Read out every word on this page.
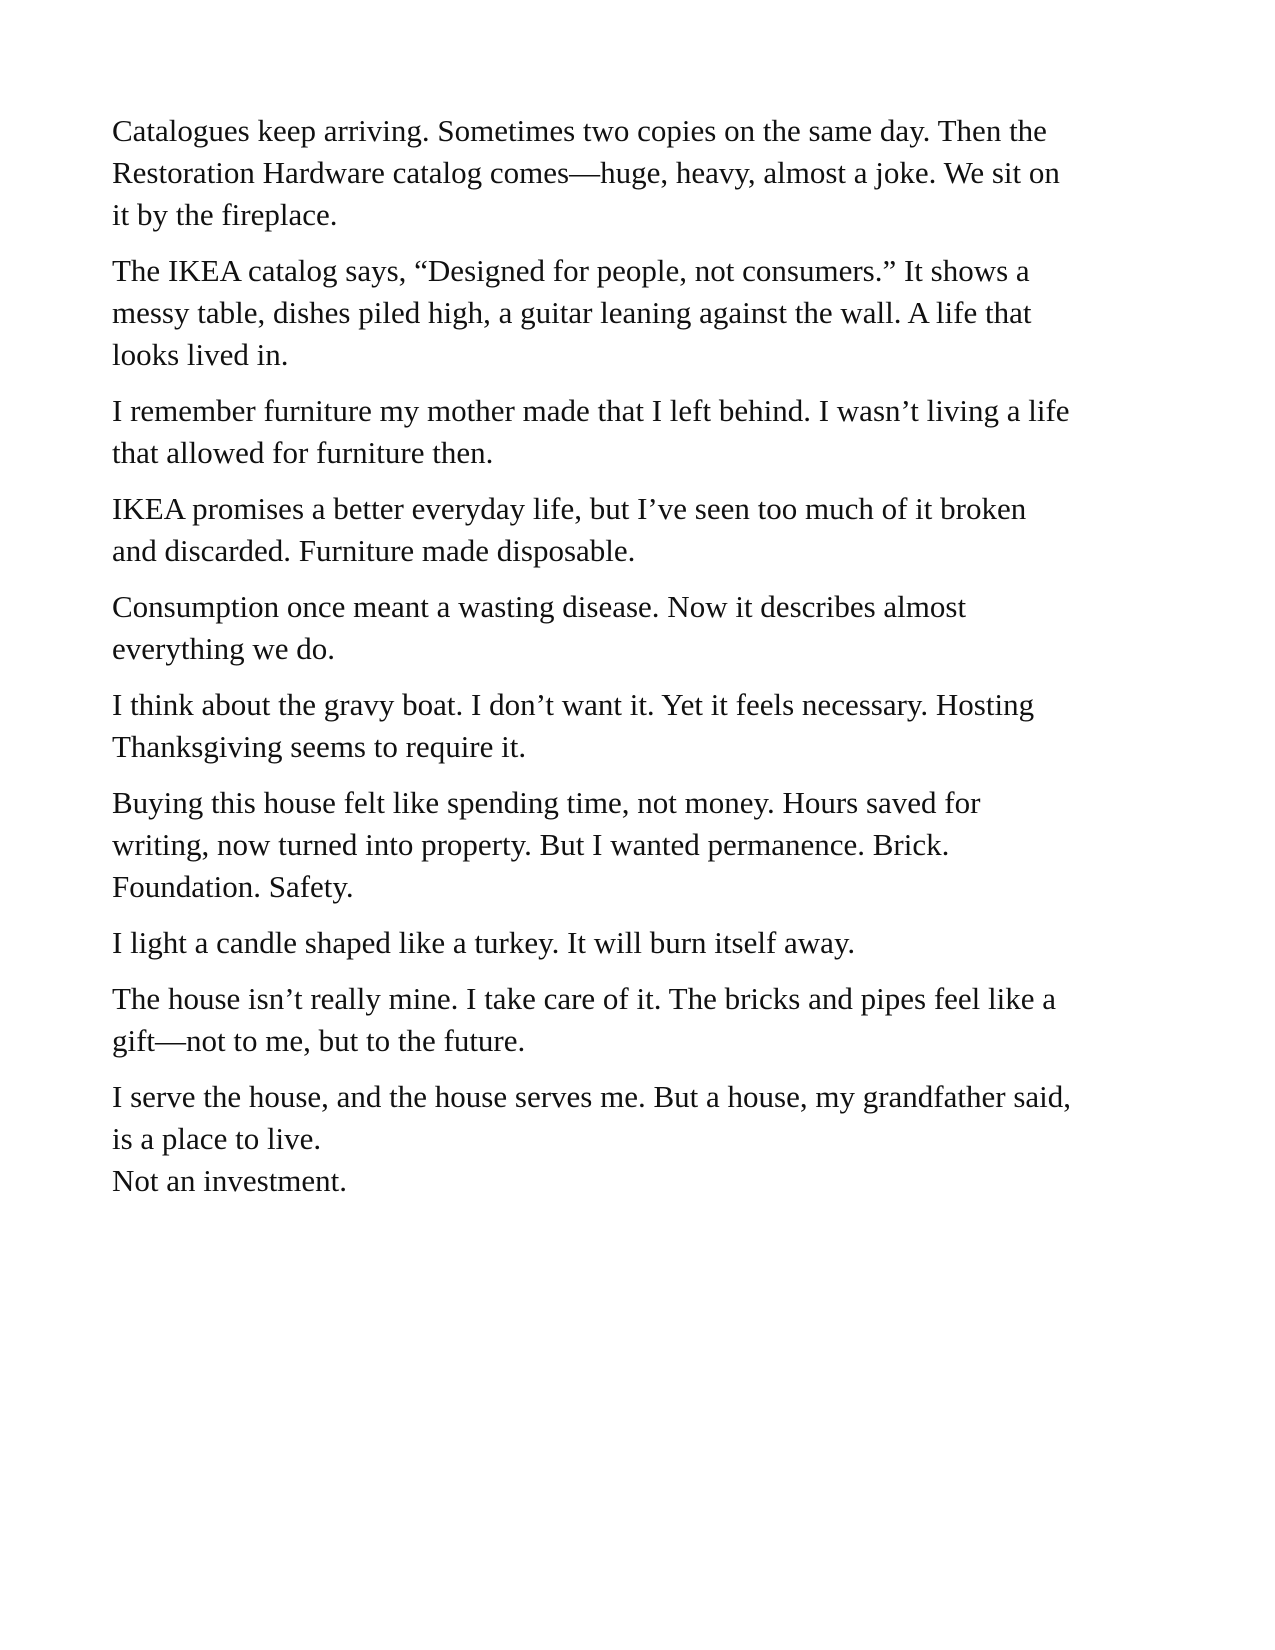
Catalogues keep arriving. Sometimes two copies on the same day. Then the
Restoration Hardware catalog comes—huge, heavy, almost a joke. We sit on
it by the fireplace.

The IKEA catalog says, “Designed for people, not consumers.” It shows a
messy table, dishes piled high, a guitar leaning against the wall. A life that
looks lived in.

I remember furniture my mother made that I left behind. I wasn’t living a life
that allowed for furniture then.

IKEA promises a better everyday life, but I’ve seen too much of it broken
and discarded. Furniture made disposable.

Consumption once meant a wasting disease. Now it describes almost
everything we do.

I think about the gravy boat. I don’t want it. Yet it feels necessary. Hosting
Thanksgiving seems to require it.

Buying this house felt like spending time, not money. Hours saved for
writing, now turned into property. But I wanted permanence. Brick.
Foundation. Safety.

I light a candle shaped like a turkey. It will burn itself away.

The house isn’t really mine. I take care of it. The bricks and pipes feel like a
gift—not to me, but to the future.

I serve the house, and the house serves me. But a house, my grandfather said,
is a place to live.
Not an investment.
